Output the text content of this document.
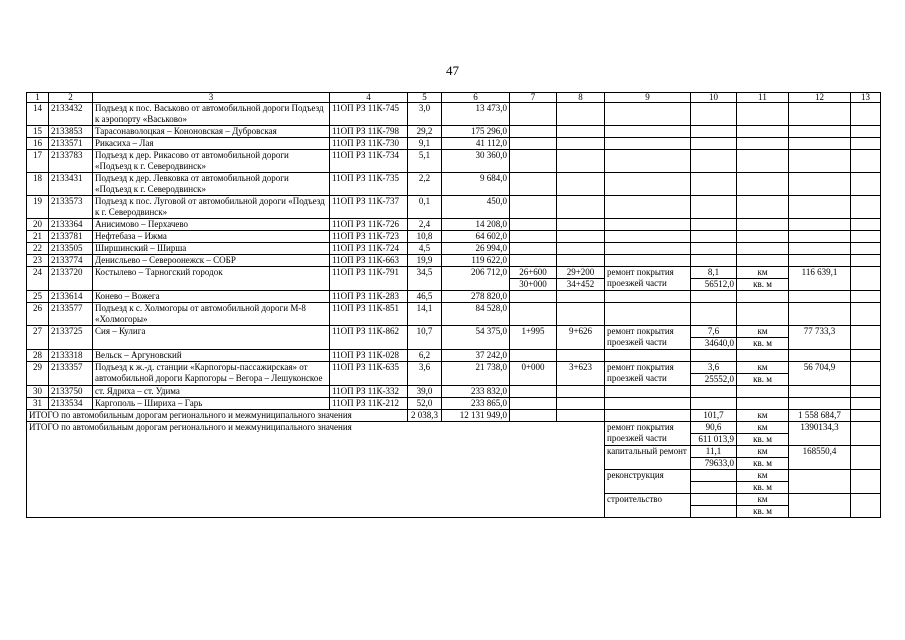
47
1	2	3	4	5	6	7	8	9	10	11	12	13
14	2133432	Подъезд к пос. Васьково от автомобильной дороги Подъезд к аэропорту «Васьково»	11ОП РЗ 11К-745	3,0	13 473,0							
15	2133853	Тарасонаволоцкая – Кононовская – Дубровская	11ОП РЗ 11К-798	29,2	175 296,0							
16	2133571	Рикасиха – Лая	11ОП РЗ 11К-730	9,1	41 112,0							
17	2133783	Подъезд к дер. Рикасово от автомобильной дороги «Подъезд к г. Северодвинск»	11ОП РЗ 11К-734	5,1	30 360,0							
18	2133431	Подъезд к дер. Левковка от автомобильной дороги «Подъезд к г. Северодвинск»	11ОП РЗ 11К-735	2,2	9 684,0							
19	2133573	Подъезд к пос. Луговой от автомобильной дороги «Подъезд к г. Северодвинск»	11ОП РЗ 11К-737	0,1	450,0							
20	2133364	Анисимово – Перхачево	11ОП РЗ 11К-726	2,4	14 208,0							
21	2133781	Нефтебаза – Ижма	11ОП РЗ 11К-723	10,8	64 602,0							
22	2133505	Ширшинский – Ширша	11ОП РЗ 11К-724	4,5	26 994,0							
23	2133774	Денисльево – Североонежск – СОБР	11ОП РЗ 11К-663	19,9	119 622,0							
24	2133720	Костылево – Тарногский городок	11ОП РЗ 11К-791	34,5	206 712,0	26+600	29+200	ремонт покрытия проезжей части	8,1	км	116 639,1	
						30+000	34+452		56512,0	кв. м		
25	2133614	Конево – Вожега	11ОП РЗ 11К-283	46,5	278 820,0							
26	2133577	Подъезд к с. Холмогоры от автомобильной дороги М-8 «Холмогоры»	11ОП РЗ 11К-851	14,1	84 528,0							
27	2133725	Сия – Кулига	11ОП РЗ 11К-862	10,7	54 375,0	1+995	9+626	ремонт покрытия проезжей части	7,6	км	77 733,3	
									34640,0	кв. м		
28	2133318	Вельск – Аргуновский	11ОП РЗ 11К-028	6,2	37 242,0							
29	2133357	Подъезд к ж.-д. станции «Карпогоры-пассажирская» от автомобильной дороги Карпогоры – Вегора – Лешуконское	11ОП РЗ 11К-635	3,6	21 738,0	0+000	3+623	ремонт покрытия проезжей части	3,6	км	56 704,9	
									25552,0	кв. м		
30	2133750	ст. Ядриха – ст. Удима	11ОП РЗ 11К-332	39,0	233 832,0							
31	2133534	Каргополь – Шириха – Гарь	11ОП РЗ 11К-212	52,0	233 865,0							
ИТОГО по автомобильным дорогам регионального и межмуниципального значения				2 038,3	12 131 949,0				101,7	км	1 558 684,7	
ИТОГО по автомобильным дорогам регионального и межмуниципального значения								ремонт покрытия проезжей части	90,6	км	1390134,3	
									611 013,9	кв. м		
								капитальный ремонт	11,1	км	168550,4	
									79633,0	кв. м		
								реконструкция		км		
										кв. м		
								строительство		км		
										кв. м		
